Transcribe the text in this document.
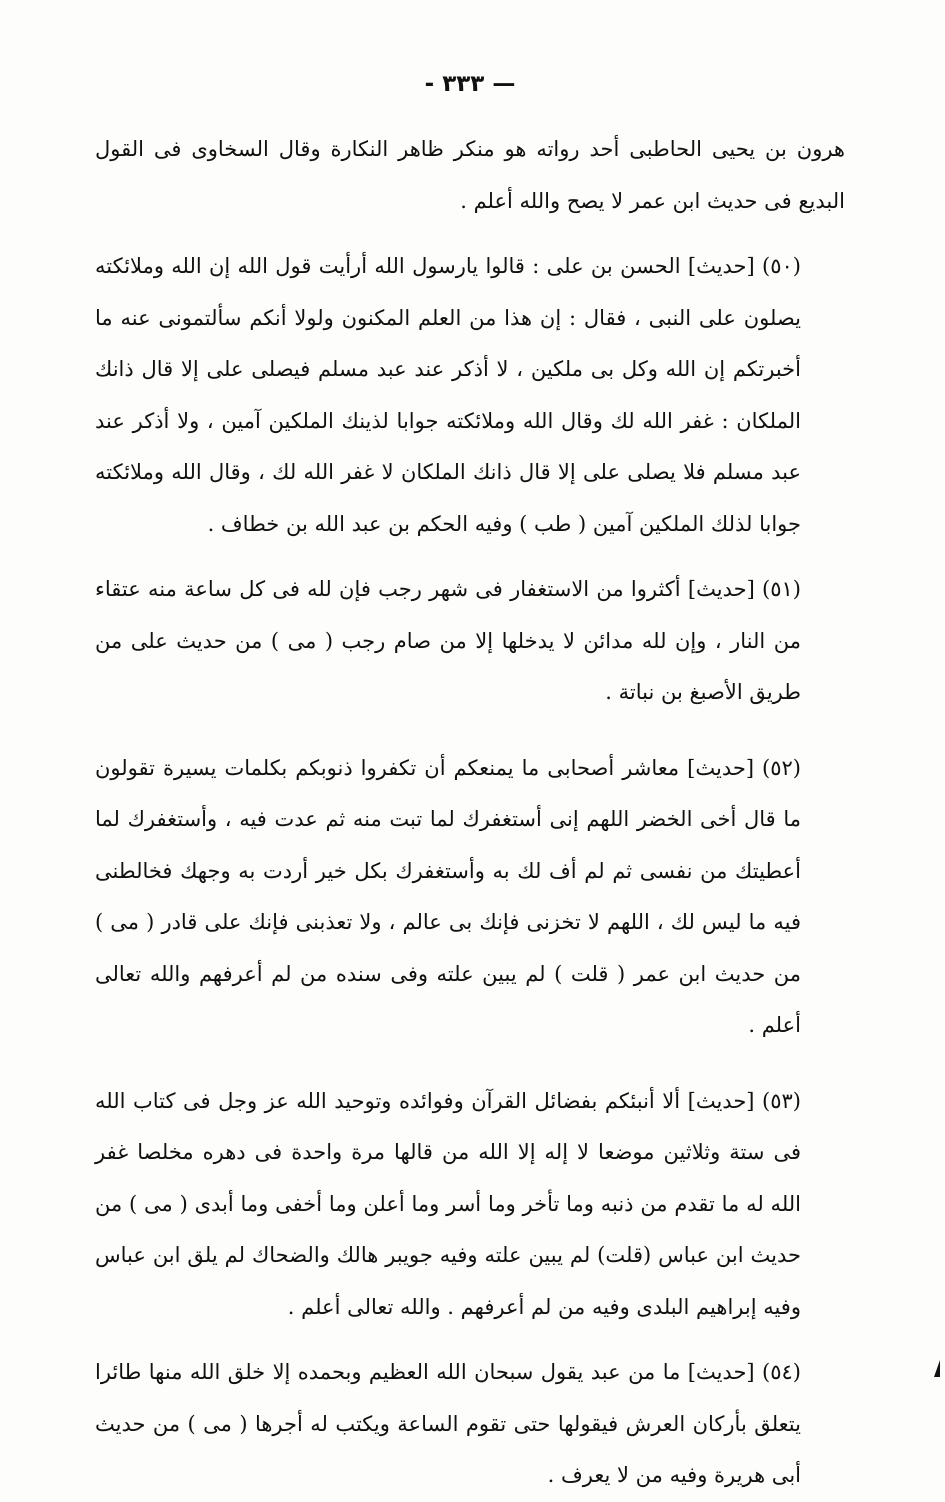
— ٣٣٣ -

هرون بن يحيى الحاطبى أحد رواته هو منكر ظاهر النكارة وقال السخاوى فى القول البديع فى حديث ابن عمر لا يصح والله أعلم .

(٥٠) [حديث] الحسن بن على : قالوا يارسول الله أرأيت قول الله إن الله وملائكته يصلون على النبى ، فقال : إن هذا من العلم المكنون ولولا أنكم سألتمونى عنه ما أخبرتكم إن الله وكل بى ملكين ، لا أذكر عند عبد مسلم فيصلى على إلا قال ذانك الملكان : غفر الله لك وقال الله وملائكته جوابا لذينك الملكين آمين ، ولا أذكر عند عبد مسلم فلا يصلى على إلا قال ذانك الملكان لا غفر الله لك ، وقال الله وملائكته جوابا لذلك الملكين آمين ( طب ) وفيه الحكم بن عبد الله بن خطاف .

(٥١) [حديث] أكثروا من الاستغفار فى شهر رجب فإن لله فى كل ساعة منه عتقاء من النار ، وإن لله مدائن لا يدخلها إلا من صام رجب ( مى ) من حديث على من طريق الأصبغ بن نباتة .

(٥٢) [حديث] معاشر أصحابى ما يمنعكم أن تكفروا ذنوبكم بكلمات يسيرة تقولون ما قال أخى الخضر اللهم إنى أستغفرك لما تبت منه ثم عدت فيه ، وأستغفرك لما أعطيتك من نفسى ثم لم أف لك به وأستغفرك بكل خير أردت به وجهك فخالطنى فيه ما ليس لك ، اللهم لا تخزنى فإنك بى عالم ، ولا تعذبنى فإنك على قادر ( مى ) من حديث ابن عمر ( قلت ) لم يبين علته وفى سنده من لم أعرفهم والله تعالى أعلم .

(٥٣) [حديث] ألا أنبئكم بفضائل القرآن وفوائده وتوحيد الله عز وجل فى كتاب الله فى ستة وثلاثين موضعا لا إله إلا الله من قالها مرة واحدة فى دهره مخلصا غفر الله له ما تقدم من ذنبه وما تأخر وما أسر وما أعلن وما أخفى وما أبدى ( مى ) من حديث ابن عباس (قلت) لم يبين علته وفيه جويبر هالك والضحاك لم يلق ابن عباس وفيه إبراهيم البلدى وفيه من لم أعرفهم . والله تعالى أعلم .

(٥٤) [حديث] ما من عبد يقول سبحان الله العظيم وبحمده إلا خلق الله منها طائرا يتعلق بأركان العرش فيقولها حتى تقوم الساعة ويكتب له أجرها ( مى ) من حديث أبى هريرة وفيه من لا يعرف .
